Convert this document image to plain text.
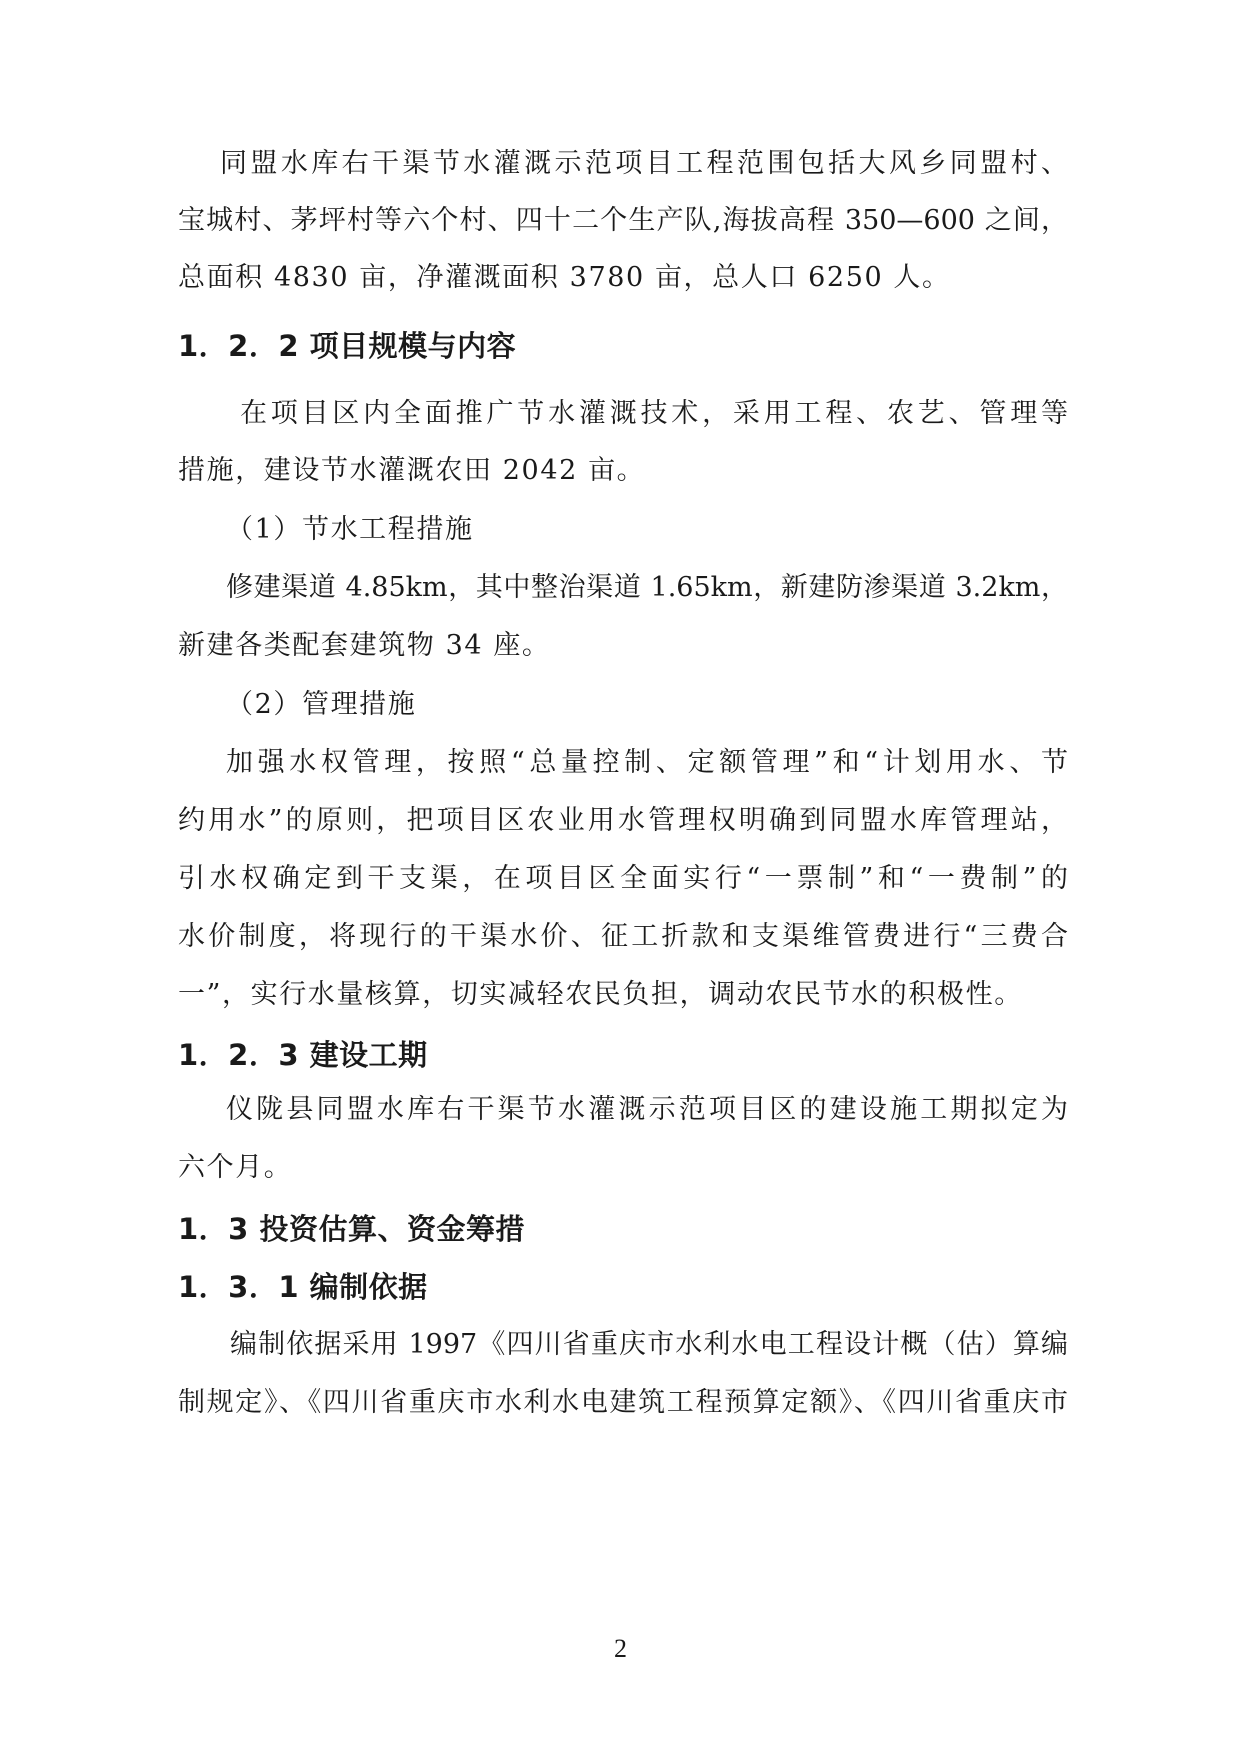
同盟水库右干渠节水灌溉示范项目工程范围包括大风乡同盟村、
宝城村、茅坪村等六个村、四十二个生产队,海拔高程 350—600 之间，
总面积 4830 亩，净灌溉面积 3780 亩，总人口 6250 人。
1．2．2 项目规模与内容
在项目区内全面推广节水灌溉技术，采用工程、农艺、管理等
措施，建设节水灌溉农田 2042 亩。
（1）节水工程措施
修建渠道 4.85km，其中整治渠道 1.65km，新建防渗渠道 3.2km，
新建各类配套建筑物 34 座。
（2）管理措施
加强水权管理，按照“总量控制、定额管理”和“计划用水、节
约用水”的原则，把项目区农业用水管理权明确到同盟水库管理站，
引水权确定到干支渠，在项目区全面实行“一票制”和“一费制”的
水价制度，将现行的干渠水价、征工折款和支渠维管费进行“三费合
一”，实行水量核算，切实减轻农民负担，调动农民节水的积极性。
1．2．3 建设工期
仪陇县同盟水库右干渠节水灌溉示范项目区的建设施工期拟定为
六个月。
1．3 投资估算、资金筹措
1．3．1 编制依据
编制依据采用 1997《四川省重庆市水利水电工程设计概（估）算编
制规定》、《四川省重庆市水利水电建筑工程预算定额》、《四川省重庆市
2
